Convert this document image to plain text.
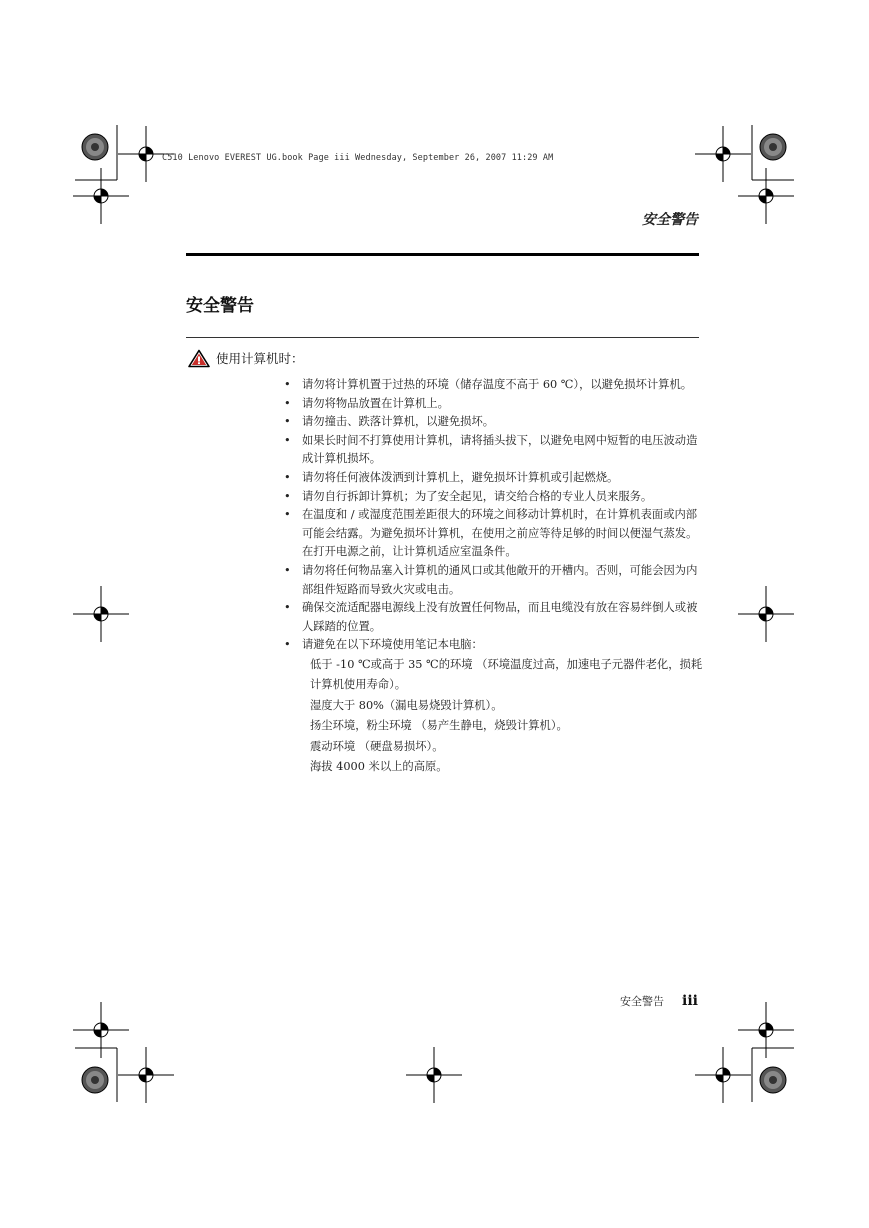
C510 Lenovo EVEREST UG.book Page iii Wednesday, September 26, 2007 11:29 AM
安全警告
安全警告
使用计算机时：
• 请勿将计算机置于过热的环境（储存温度不高于 60 ℃），以避免损坏计算机。
• 请勿将物品放置在计算机上。
• 请勿撞击、跌落计算机，以避免损坏。
• 如果长时间不打算使用计算机，请将插头拔下，以避免电网中短暂的电压波动造成计算机损坏。
• 请勿将任何液体泼洒到计算机上，避免损坏计算机或引起燃烧。
• 请勿自行拆卸计算机；为了安全起见，请交给合格的专业人员来服务。
• 在温度和 / 或湿度范围差距很大的环境之间移动计算机时，在计算机表面或内部可能会结露。为避免损坏计算机，在使用之前应等待足够的时间以便湿气蒸发。在打开电源之前，让计算机适应室温条件。
• 请勿将任何物品塞入计算机的通风口或其他敞开的开槽内。否则，可能会因为内部组件短路而导致火灾或电击。
• 确保交流适配器电源线上没有放置任何物品，而且电缆没有放在容易绊倒人或被人踩踏的位置。
• 请避免在以下环境使用笔记本电脑：
低于 -10 ℃或高于 35 ℃的环境 （环境温度过高，加速电子元器件老化，损耗计算机使用寿命）。
湿度大于 80%（漏电易烧毁计算机）。
扬尘环境，粉尘环境 （易产生静电，烧毁计算机）。
震动环境 （硬盘易损坏）。
海拔 4000 米以上的高原。
安全警告 iii
